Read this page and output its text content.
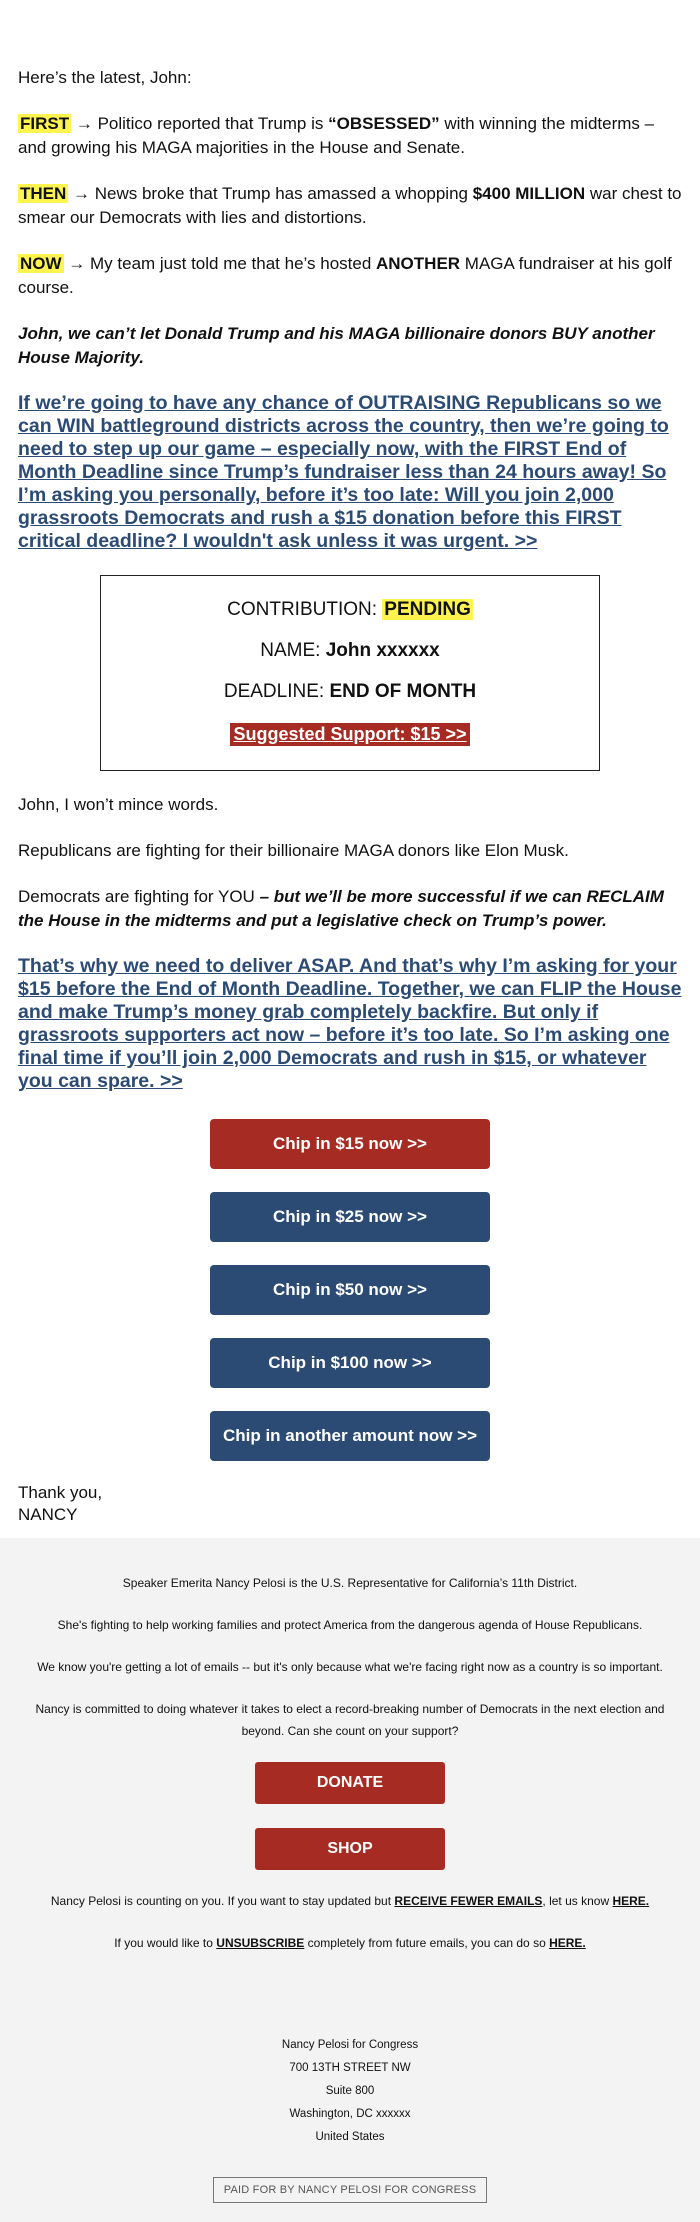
Here’s the latest, John:

FIRST → Politico reported that Trump is “OBSESSED” with winning the midterms – and growing his MAGA majorities in the House and Senate.

THEN → News broke that Trump has amassed a whopping $400 MILLION war chest to smear our Democrats with lies and distortions.

NOW → My team just told me that he’s hosted ANOTHER MAGA fundraiser at his golf course.

John, we can’t let Donald Trump and his MAGA billionaire donors BUY another House Majority.

If we’re going to have any chance of OUTRAISING Republicans so we can WIN battleground districts across the country, then we’re going to need to step up our game – especially now, with the FIRST End of Month Deadline since Trump’s fundraiser less than 24 hours away! So I’m asking you personally, before it’s too late: Will you join 2,000 grassroots Democrats and rush a $15 donation before this FIRST critical deadline? I wouldn't ask unless it was urgent. >>
CONTRIBUTION: PENDING
NAME: John xxxxxx
DEADLINE: END OF MONTH
Suggested Support: $15 >>

John, I won’t mince words.

Republicans are fighting for their billionaire MAGA donors like Elon Musk.

Democrats are fighting for YOU – but we’ll be more successful if we can RECLAIM the House in the midterms and put a legislative check on Trump’s power.

That’s why we need to deliver ASAP. And that’s why I’m asking for your $15 before the End of Month Deadline. Together, we can FLIP the House and make Trump’s money grab completely backfire. But only if grassroots supporters act now – before it’s too late. So I’m asking one final time if you’ll join 2,000 Democrats and rush in $15, or whatever you can spare. >>
Chip in $15 now >>
Chip in $25 now >>
Chip in $50 now >>
Chip in $100 now >>
Chip in another amount now >>

Thank you,

NANCY

Speaker Emerita Nancy Pelosi is the U.S. Representative for California’s 11th District.

She's fighting to help working families and protect America from the dangerous agenda of House Republicans.

We know you're getting a lot of emails -- but it's only because what we're facing right now as a country is so important.

Nancy is committed to doing whatever it takes to elect a record-breaking number of Democrats in the next election and beyond. Can she count on your support?

DONATE
SHOP

Nancy Pelosi is counting on you. If you want to stay updated but RECEIVE FEWER EMAILS, let us know HERE.

If you would like to UNSUBSCRIBE completely from future emails, you can do so HERE.

Nancy Pelosi for Congress
700 13TH STREET NW
Suite 800
Washington, DC xxxxxx
United States
PAID FOR BY NANCY PELOSI FOR CONGRESS
